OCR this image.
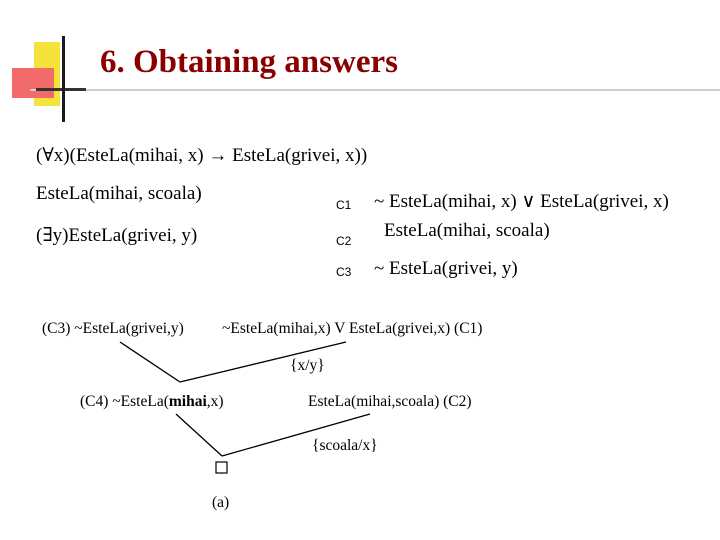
6. Obtaining answers
(∀x)(EsteLa(mihai, x) → EsteLa(grivei, x))
EsteLa(mihai, scoala)
(∃y)EsteLa(grivei, y)
C1
C2
C3
~ EsteLa(mihai, x) ∨ EsteLa(grivei, x)
EsteLa(mihai, scoala)
~ EsteLa(grivei, y)
(C3) ~EsteLa(grivei,y) ~EsteLa(mihai,x) V EsteLa(grivei,x) (C1)
{x/y}
(C4) ~EsteLa(mihai,x)	EsteLa(mihai,scoala) (C2)
{scoala/x}
(a)
